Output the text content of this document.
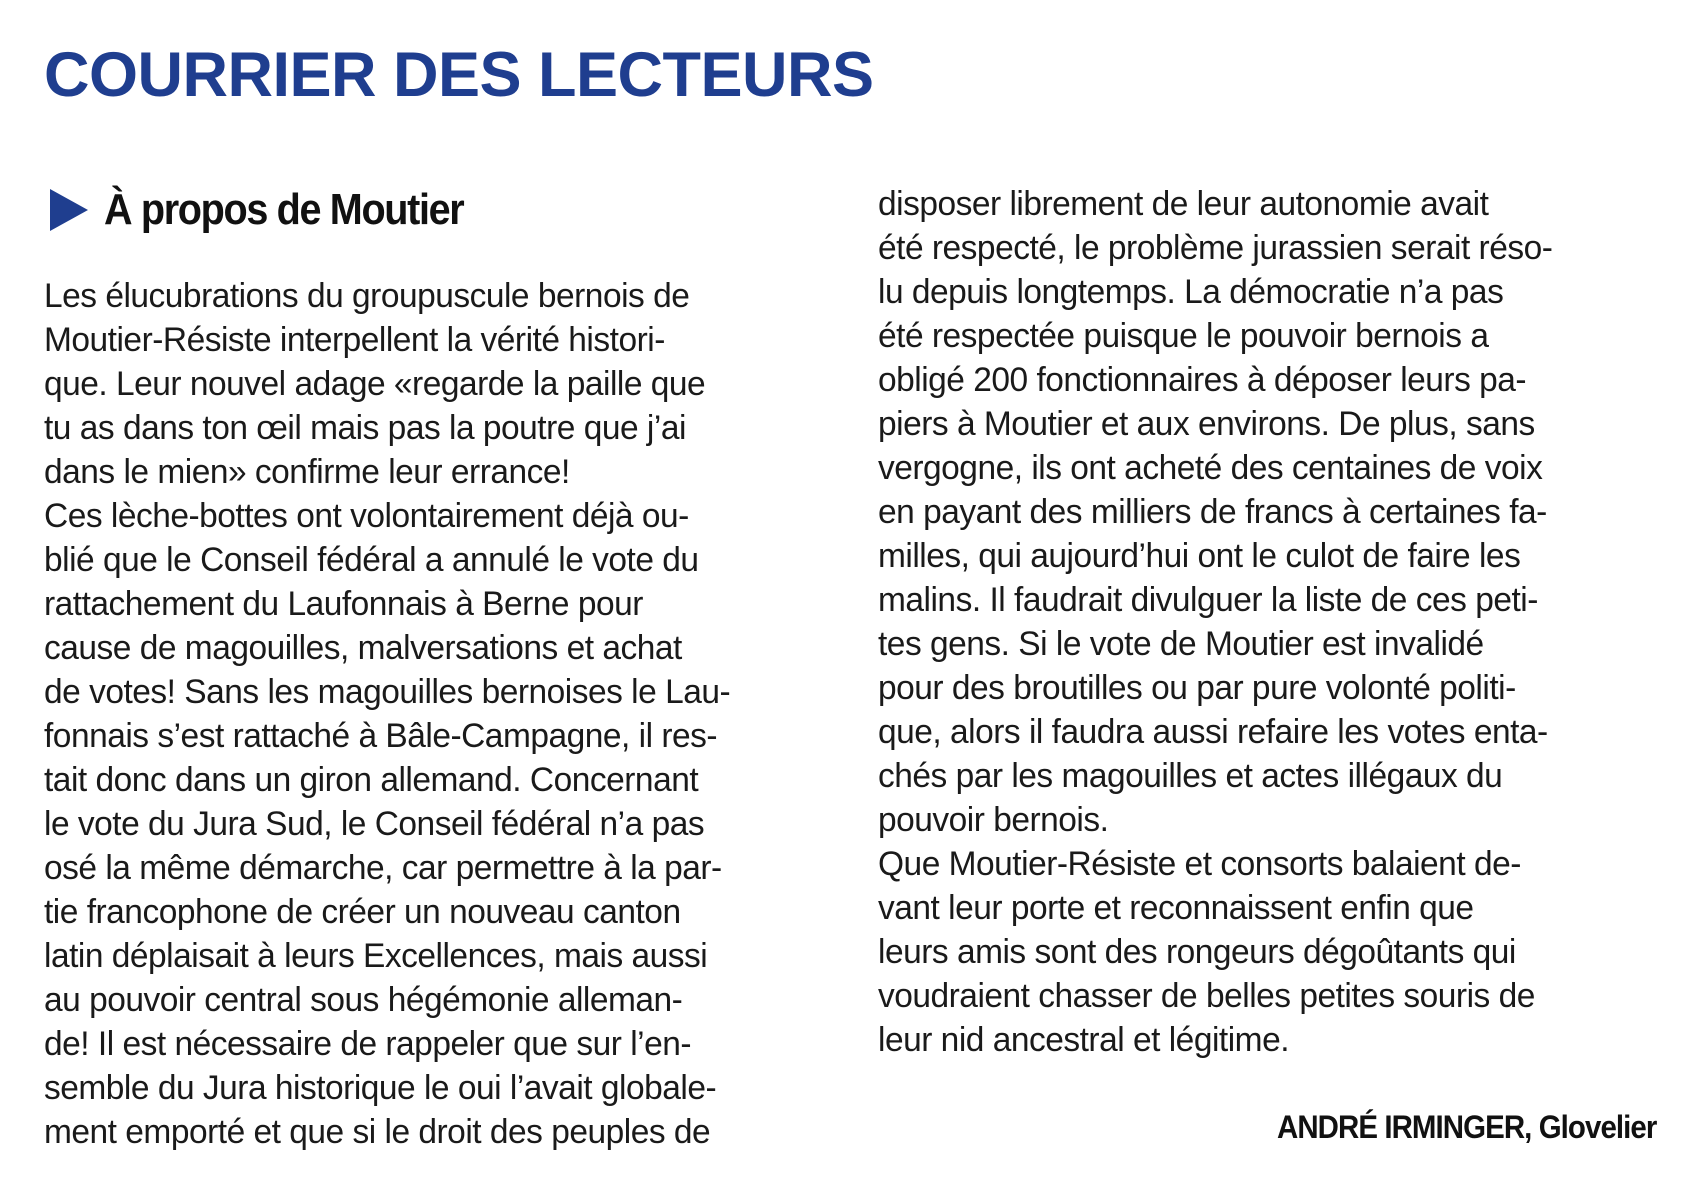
COURRIER DES LECTEURS
À propos de Moutier
Les élucubrations du groupuscule bernois de
Moutier-Résiste interpellent la vérité histori-
que. Leur nouvel adage «regarde la paille que
tu as dans ton œil mais pas la poutre que j’ai
dans le mien» confirme leur errance!
Ces lèche-bottes ont volontairement déjà ou-
blié que le Conseil fédéral a annulé le vote du
rattachement du Laufonnais à Berne pour
cause de magouilles, malversations et achat
de votes! Sans les magouilles bernoises le Lau-
fonnais s’est rattaché à Bâle-Campagne, il res-
tait donc dans un giron allemand. Concernant
le vote du Jura Sud, le Conseil fédéral n’a pas
osé la même démarche, car permettre à la par-
tie francophone de créer un nouveau canton
latin déplaisait à leurs Excellences, mais aussi
au pouvoir central sous hégémonie alleman-
de! Il est nécessaire de rappeler que sur l’en-
semble du Jura historique le oui l’avait globale-
ment emporté et que si le droit des peuples de
disposer librement de leur autonomie avait
été respecté, le problème jurassien serait réso-
lu depuis longtemps. La démocratie n’a pas
été respectée puisque le pouvoir bernois a
obligé 200 fonctionnaires à déposer leurs pa-
piers à Moutier et aux environs. De plus, sans
vergogne, ils ont acheté des centaines de voix
en payant des milliers de francs à certaines fa-
milles, qui aujourd’hui ont le culot de faire les
malins. Il faudrait divulguer la liste de ces peti-
tes gens. Si le vote de Moutier est invalidé
pour des broutilles ou par pure volonté politi-
que, alors il faudra aussi refaire les votes enta-
chés par les magouilles et actes illégaux du
pouvoir bernois.
Que Moutier-Résiste et consorts balaient de-
vant leur porte et reconnaissent enfin que
leurs amis sont des rongeurs dégoûtants qui
voudraient chasser de belles petites souris de
leur nid ancestral et légitime.

ANDRÉ IRMINGER, Glovelier
